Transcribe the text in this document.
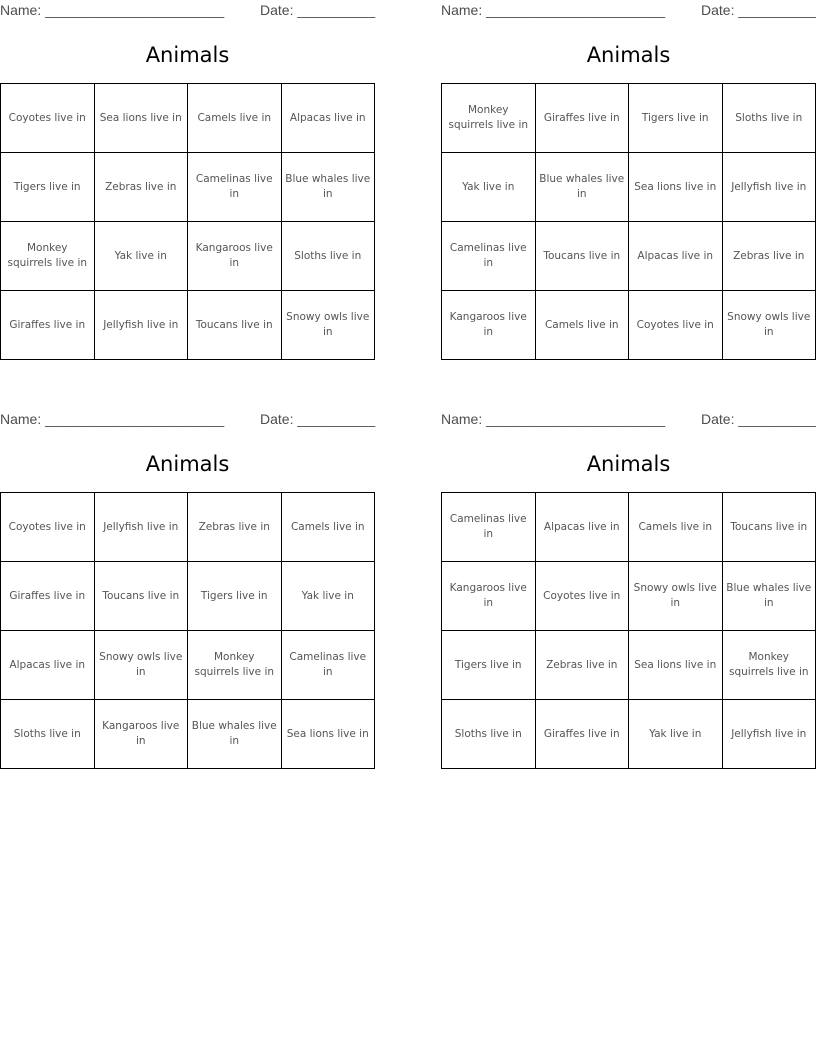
Name: _______________________	Date: __________
Animals
Coyotes live in	Sea lions live in	Camels live in	Alpacas live in
Tigers live in	Zebras live in	Camelinas live in	Blue whales live in
Monkey squirrels live in	Yak live in	Kangaroos live in	Sloths live in
Giraffes live in	Jellyfish live in	Toucans live in	Snowy owls live in
Name: _______________________	Date: __________
Animals
Monkey squirrels live in	Giraffes live in	Tigers live in	Sloths live in
Yak live in	Blue whales live in	Sea lions live in	Jellyfish live in
Camelinas live in	Toucans live in	Alpacas live in	Zebras live in
Kangaroos live in	Camels live in	Coyotes live in	Snowy owls live in
Name: _______________________	Date: __________
Animals
Coyotes live in	Jellyfish live in	Zebras live in	Camels live in
Giraffes live in	Toucans live in	Tigers live in	Yak live in
Alpacas live in	Snowy owls live in	Monkey squirrels live in	Camelinas live in
Sloths live in	Kangaroos live in	Blue whales live in	Sea lions live in
Name: _______________________	Date: __________
Animals
Camelinas live in	Alpacas live in	Camels live in	Toucans live in
Kangaroos live in	Coyotes live in	Snowy owls live in	Blue whales live in
Tigers live in	Zebras live in	Sea lions live in	Monkey squirrels live in
Sloths live in	Giraffes live in	Yak live in	Jellyfish live in
